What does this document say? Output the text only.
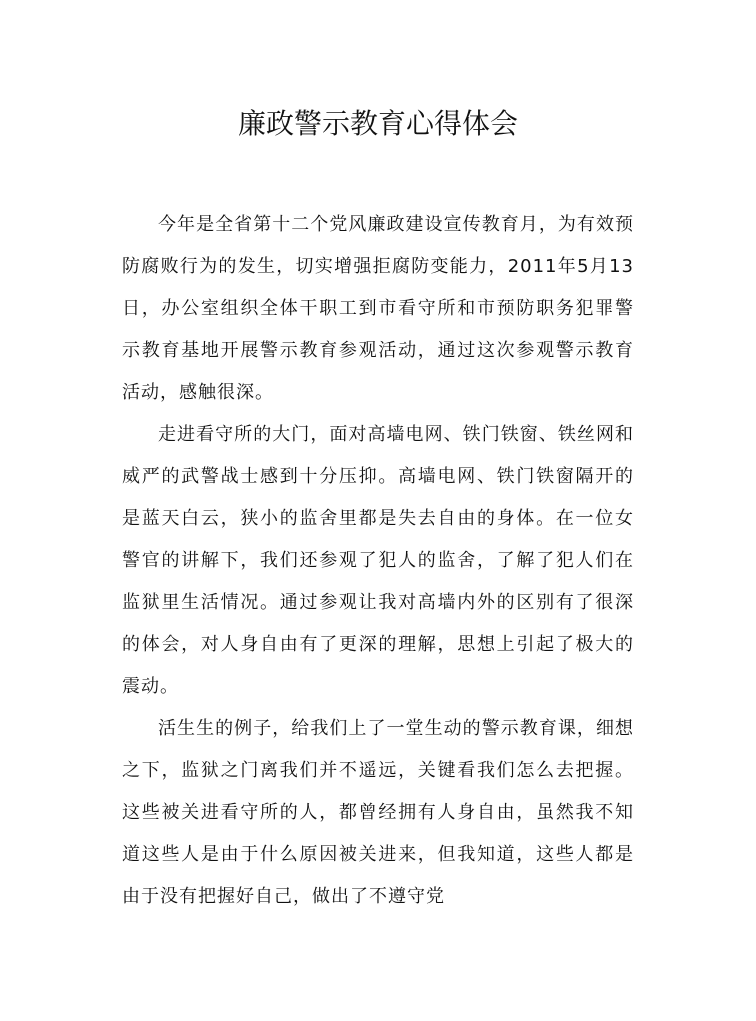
廉政警示教育心得体会

今年是全省第十二个党风廉政建设宣传教育月，为有效预防腐败行为的发生，切实增强拒腐防变能力，2011年5月13日，办公室组织全体干职工到市看守所和市预防职务犯罪警示教育基地开展警示教育参观活动，通过这次参观警示教育活动，感触很深。

走进看守所的大门，面对高墙电网、铁门铁窗、铁丝网和威严的武警战士感到十分压抑。高墙电网、铁门铁窗隔开的是蓝天白云，狭小的监舍里都是失去自由的身体。在一位女警官的讲解下，我们还参观了犯人的监舍，了解了犯人们在监狱里生活情况。通过参观让我对高墙内外的区别有了很深的体会，对人身自由有了更深的理解，思想上引起了极大的震动。

活生生的例子，给我们上了一堂生动的警示教育课，细想之下，监狱之门离我们并不遥远，关键看我们怎么去把握。这些被关进看守所的人，都曾经拥有人身自由，虽然我不知道这些人是由于什么原因被关进来，但我知道，这些人都是由于没有把握好自己，做出了不遵守党
